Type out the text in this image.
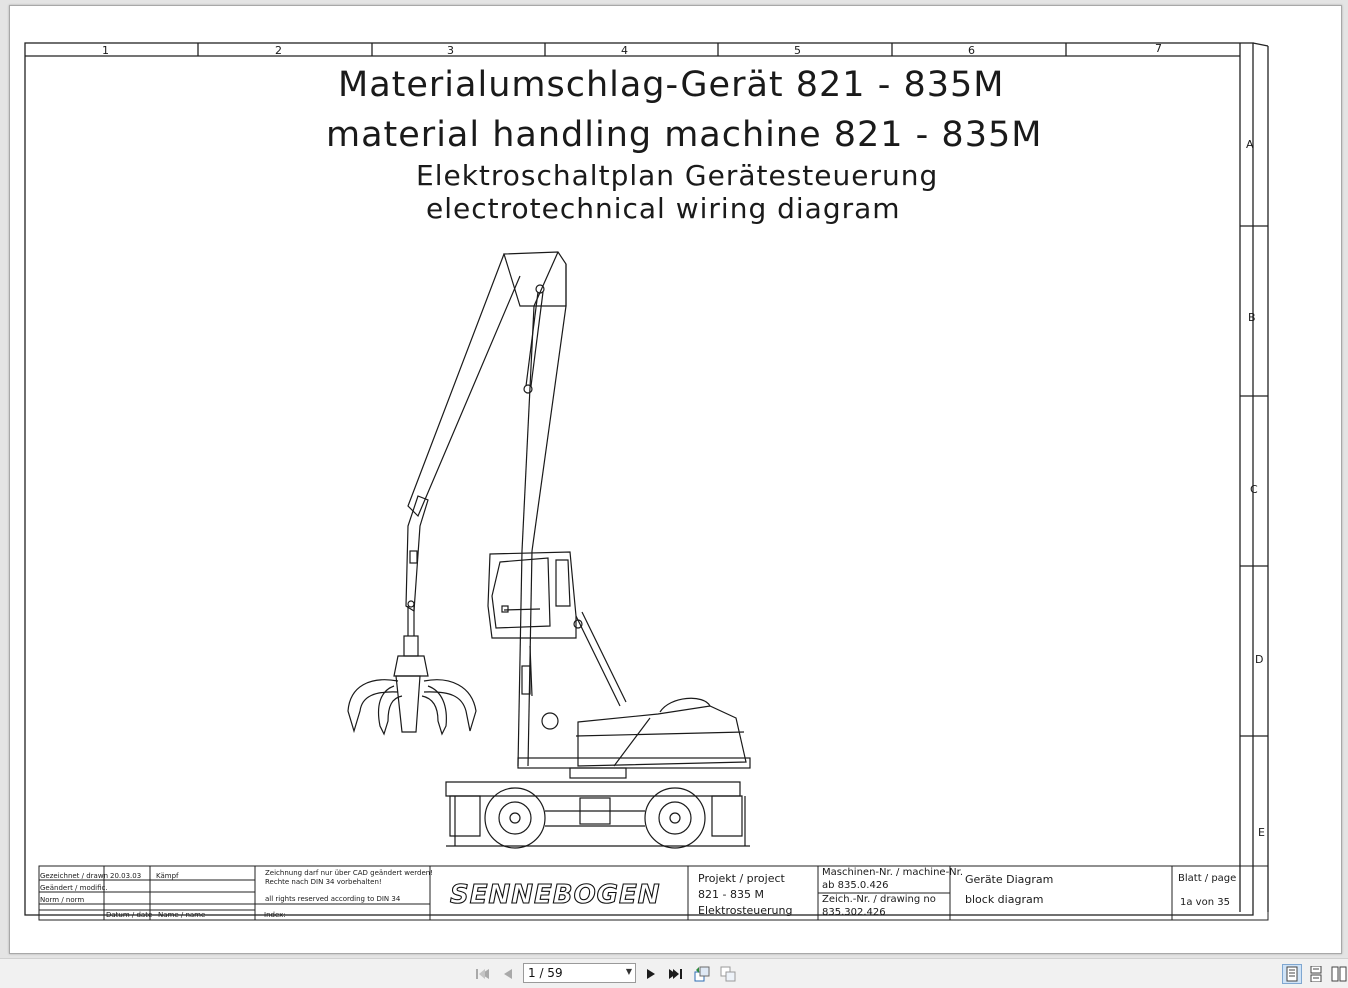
1	2	3	4	5	6	7
A
B
C
D
E
Materialumschlag-Gerät 821 - 835M
material handling machine 821 - 835M
Elektroschaltplan Gerätesteuerung
electrotechnical wiring diagram
Gezeichnet / drawn 20.03.03 Kämpf
Geändert / modific.
Norm / norm
Datum / date Name / name
Zeichnung darf nur über CAD geändert werden!
Rechte nach DIN 34 vorbehalten!
all rights reserved according to DIN 34
Index:
SENNEBOGEN
Projekt / project
821 - 835 M
Elektrosteuerung
Maschinen-Nr. / machine-Nr.
ab 835.0.426
Zeich.-Nr. / drawing no
835.302.426
Geräte Diagram
block diagram
Blatt / page
1a von 35
1 / 59	▼
